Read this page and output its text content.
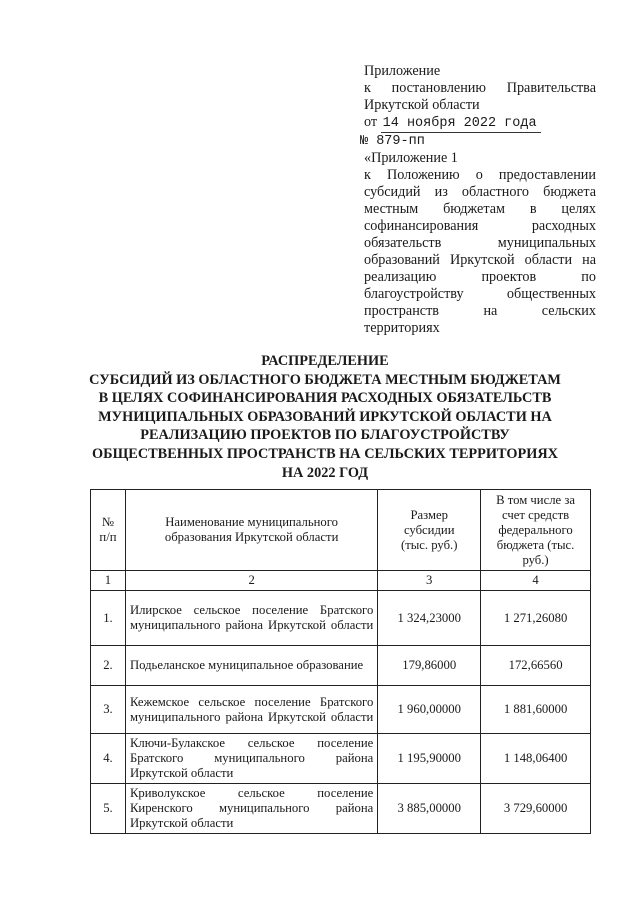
Приложение
к постановлению Правительства
Иркутской области
от 14 ноября 2022 года
№ 879-пп
«Приложение 1
к Положению о предоставлении
субсидий из областного бюджета
местным бюджетам в целях
софинансирования расходных
обязательств муниципальных
образований Иркутской области на
реализацию проектов по
благоустройству общественных
пространств на сельских
территориях
РАСПРЕДЕЛЕНИЕ
СУБСИДИЙ ИЗ ОБЛАСТНОГО БЮДЖЕТА МЕСТНЫМ БЮДЖЕТАМ
В ЦЕЛЯХ СОФИНАНСИРОВАНИЯ РАСХОДНЫХ ОБЯЗАТЕЛЬСТВ
МУНИЦИПАЛЬНЫХ ОБРАЗОВАНИЙ ИРКУТСКОЙ ОБЛАСТИ НА
РЕАЛИЗАЦИЮ ПРОЕКТОВ ПО БЛАГОУСТРОЙСТВУ
ОБЩЕСТВЕННЫХ ПРОСТРАНСТВ НА СЕЛЬСКИХ ТЕРРИТОРИЯХ
НА 2022 ГОД
№ п/п	Наименование муниципального образования Иркутской области	Размер субсидии (тыс. руб.)	В том числе за счет средств федерального бюджета (тыс. руб.)
1	2	3	4
1.	Илирское сельское поселение Братского муниципального района Иркутской области	1 324,23000	1 271,26080
2.	Подьеланское муниципальное образование	179,86000	172,66560
3.	Кежемское сельское поселение Братского муниципального района Иркутской области	1 960,00000	1 881,60000
4.	Ключи-Булакское сельское поселение Братского муниципального района Иркутской области	1 195,90000	1 148,06400
5.	Криволукское сельское поселение Киренского муниципального района Иркутской области	3 885,00000	3 729,60000
